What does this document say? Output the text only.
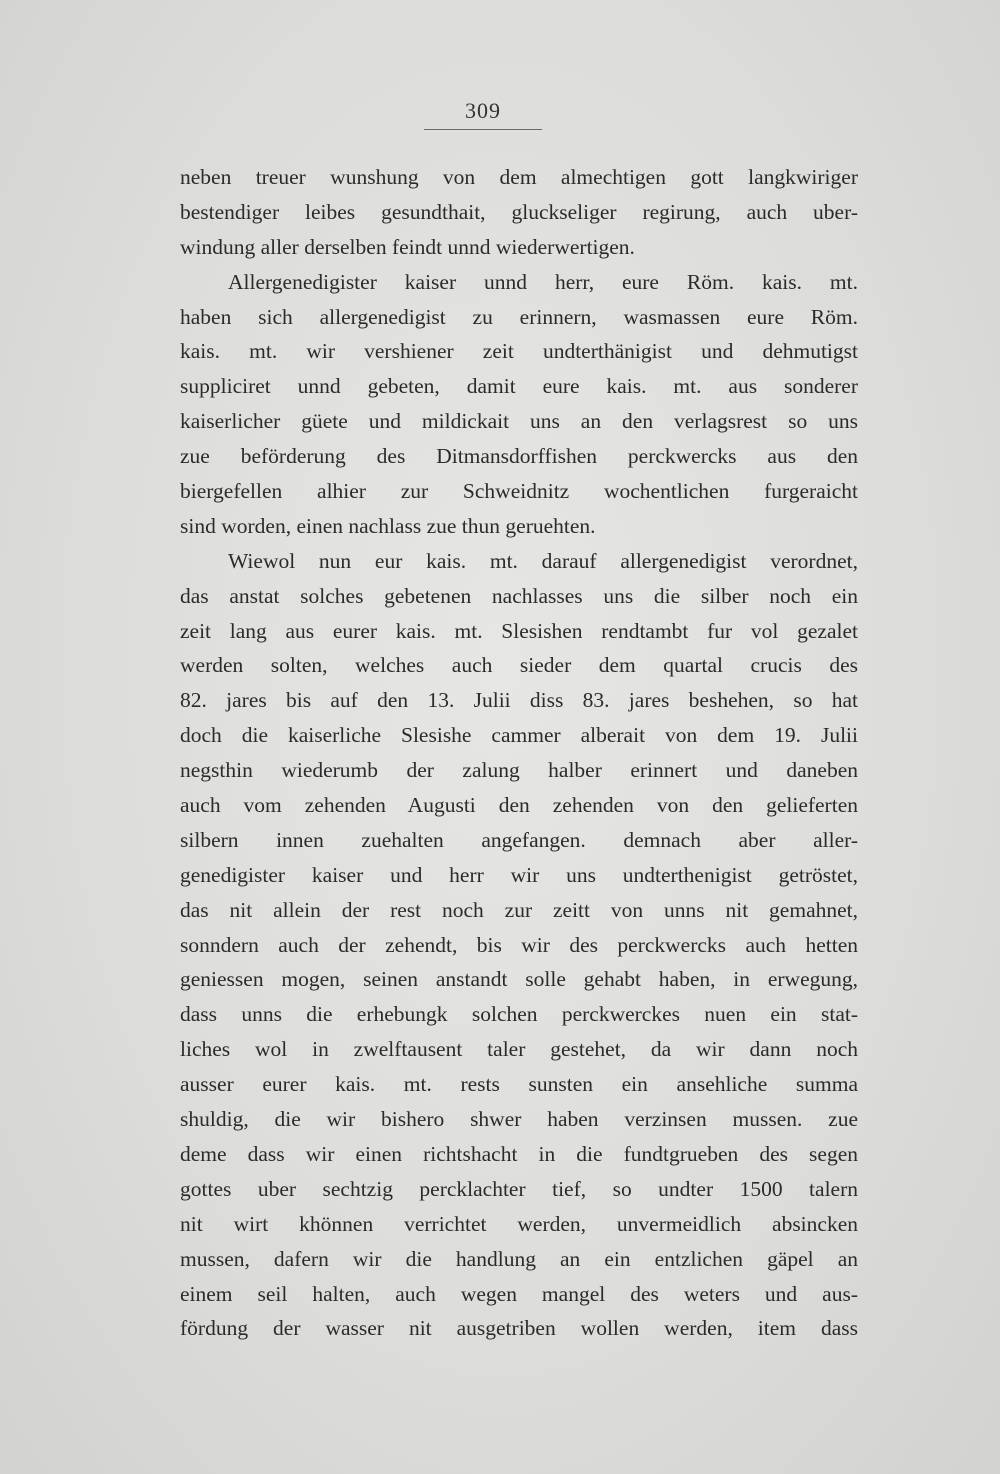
309
neben treuer wunshung von dem almechtigen gott langkwiriger
bestendiger leibes gesundthait, gluckseliger regirung, auch uber-
windung aller derselben feindt unnd wiederwertigen.
Allergenedigister kaiser unnd herr, eure Röm. kais. mt.
haben sich allergenedigist zu erinnern, wasmassen eure Röm.
kais. mt. wir vershiener zeit undterthänigist und dehmutigst
suppliciret unnd gebeten, damit eure kais. mt. aus sonderer
kaiserlicher güete und mildickait uns an den verlagsrest so uns
zue beförderung des Ditmansdorffishen perckwercks aus den
biergefellen alhier zur Schweidnitz wochentlichen furgeraicht
sind worden, einen nachlass zue thun geruehten.
Wiewol nun eur kais. mt. darauf allergenedigist verordnet,
das anstat solches gebetenen nachlasses uns die silber noch ein
zeit lang aus eurer kais. mt. Slesishen rendtambt fur vol gezalet
werden solten, welches auch sieder dem quartal crucis des
82. jares bis auf den 13. Julii diss 83. jares beshehen, so hat
doch die kaiserliche Slesishe cammer alberait von dem 19. Julii
negsthin wiederumb der zalung halber erinnert und daneben
auch vom zehenden Augusti den zehenden von den gelieferten
silbern innen zuehalten angefangen. demnach aber aller-
genedigister kaiser und herr wir uns undterthenigist getröstet,
das nit allein der rest noch zur zeitt von unns nit gemahnet,
sonndern auch der zehendt, bis wir des perckwercks auch hetten
geniessen mogen, seinen anstandt solle gehabt haben, in erwegung,
dass unns die erhebungk solchen perckwerckes nuen ein stat-
liches wol in zwelftausent taler gestehet, da wir dann noch
ausser eurer kais. mt. rests sunsten ein ansehliche summa
shuldig, die wir bishero shwer haben verzinsen mussen. zue
deme dass wir einen richtshacht in die fundtgrueben des segen
gottes uber sechtzig percklachter tief, so undter 1500 talern
nit wirt khönnen verrichtet werden, unvermeidlich absincken
mussen, dafern wir die handlung an ein entzlichen gäpel an
einem seil halten, auch wegen mangel des weters und aus-
fördung der wasser nit ausgetriben wollen werden, item dass
